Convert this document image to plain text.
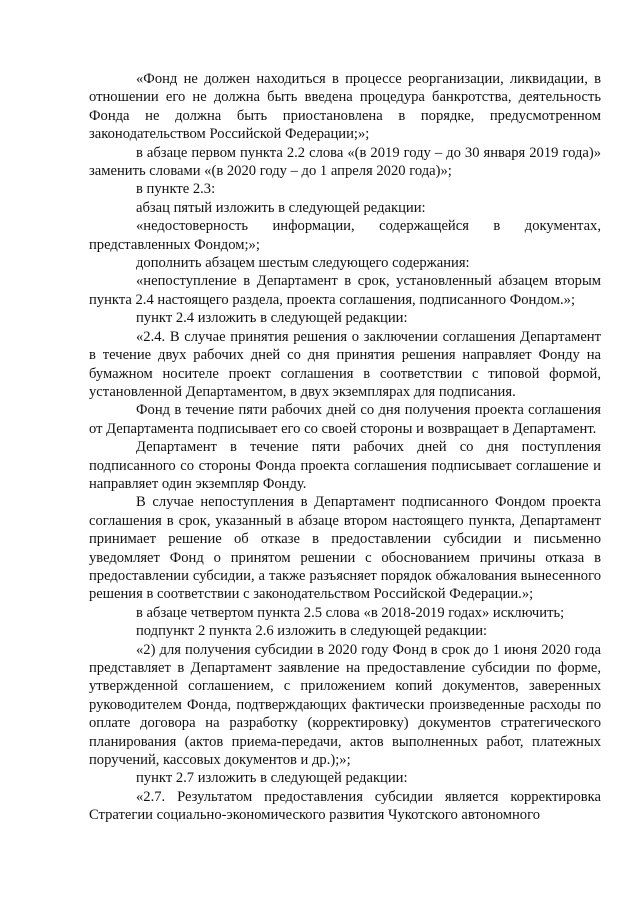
«Фонд не должен находиться в процессе реорганизации, ликвидации, в отношении его не должна быть введена процедура банкротства, деятельность Фонда не должна быть приостановлена в порядке, предусмотренном законодательством Российской Федерации;»;

в абзаце первом пункта 2.2 слова «(в 2019 году – до 30 января 2019 года)» заменить словами «(в 2020 году – до 1 апреля 2020 года)»;

в пункте 2.3:

абзац пятый изложить в следующей редакции:

«недостоверность информации, содержащейся в документах, представленных Фондом;»;

дополнить абзацем шестым следующего содержания:

«непоступление в Департамент в срок, установленный абзацем вторым пункта 2.4 настоящего раздела, проекта соглашения, подписанного Фондом.»;

пункт 2.4 изложить в следующей редакции:

«2.4. В случае принятия решения о заключении соглашения Департамент в течение двух рабочих дней со дня принятия решения направляет Фонду на бумажном носителе проект соглашения в соответствии с типовой формой, установленной Департаментом, в двух экземплярах для подписания.

Фонд в течение пяти рабочих дней со дня получения проекта соглашения от Департамента подписывает его со своей стороны и возвращает в Департамент.

Департамент в течение пяти рабочих дней со дня поступления подписанного со стороны Фонда проекта соглашения подписывает соглашение и направляет один экземпляр Фонду.

В случае непоступления в Департамент подписанного Фондом проекта соглашения в срок, указанный в абзаце втором настоящего пункта, Департамент принимает решение об отказе в предоставлении субсидии и письменно уведомляет Фонд о принятом решении с обоснованием причины отказа в предоставлении субсидии, а также разъясняет порядок обжалования вынесенного решения в соответствии с законодательством Российской Федерации.»;

в абзаце четвертом пункта 2.5 слова «в 2018-2019 годах» исключить;

подпункт 2 пункта 2.6 изложить в следующей редакции:

«2) для получения субсидии в 2020 году Фонд в срок до 1 июня 2020 года представляет в Департамент заявление на предоставление субсидии по форме, утвержденной соглашением, с приложением копий документов, заверенных руководителем Фонда, подтверждающих фактически произведенные расходы по оплате договора на разработку (корректировку) документов стратегического планирования (актов приема-передачи, актов выполненных работ, платежных поручений, кассовых документов и др.);»;

пункт 2.7 изложить в следующей редакции:

«2.7. Результатом предоставления субсидии является корректировка Стратегии социально-экономического развития Чукотского автономного
